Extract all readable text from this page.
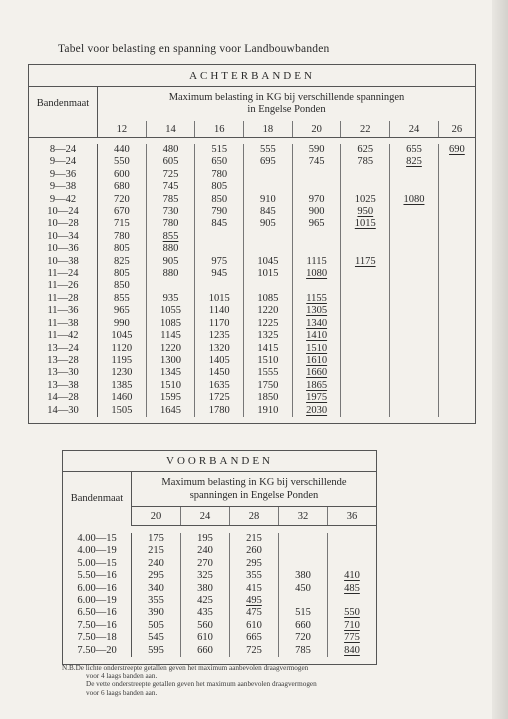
Tabel voor belasting en spanning voor Landbouwbanden
ACHTERBANDEN								
Bandenmaat	Maximum belasting in KG bij verschillende spanningen
in Engelse Ponden							

	12	14	16	18	20	22	24	26

8—24	440	480	515	555	590	625	655	690
9—24	550	605	650	695	745	785	825	
9—36	600	725	780					
9—38	680	745	805					
9—42	720	785	850	910	970	1025	1080	
10—24	670	730	790	845	900	950		
10—28	715	780	845	905	965	1015		
10—34	780	855						
10—36	805	880						
10—38	825	905	975	1045	1115	1175		
11—24	805	880	945	1015	1080			
11—26	850							
11—28	855	935	1015	1085	1155			
11—36	965	1055	1140	1220	1305			
11—38	990	1085	1170	1225	1340			
11—42	1045	1145	1235	1325	1410			
13—24	1120	1220	1320	1415	1510			
13—28	1195	1300	1405	1510	1610			
13—30	1230	1345	1450	1555	1660			
13—38	1385	1510	1635	1750	1865			
14—28	1460	1595	1725	1850	1975			
14—30	1505	1645	1780	1910	2030			

VOORBANDEN					
Bandenmaat	Maximum belasting in KG bij verschillende
spanningen in Engelse Ponden				

	20	24	28	32	36

4.00—15	175	195	215		
4.00—19	215	240	260		
5.00—15	240	270	295		
5.50—16	295	325	355	380	410
6.00—16	340	380	415	450	485
6.00—19	355	425	495		
6.50—16	390	435	475	515	550
7.50—16	505	560	610	660	710
7.50—18	545	610	665	720	775
7.50—20	595	660	725	785	840

N.B.De lichte onderstreepte getallen geven het maximum aanbevolen draagvermogen
voor 4 laags banden aan.
De vette onderstreepte getallen geven het maximum aanbevolen draagvermogen
voor 6 laags banden aan.
